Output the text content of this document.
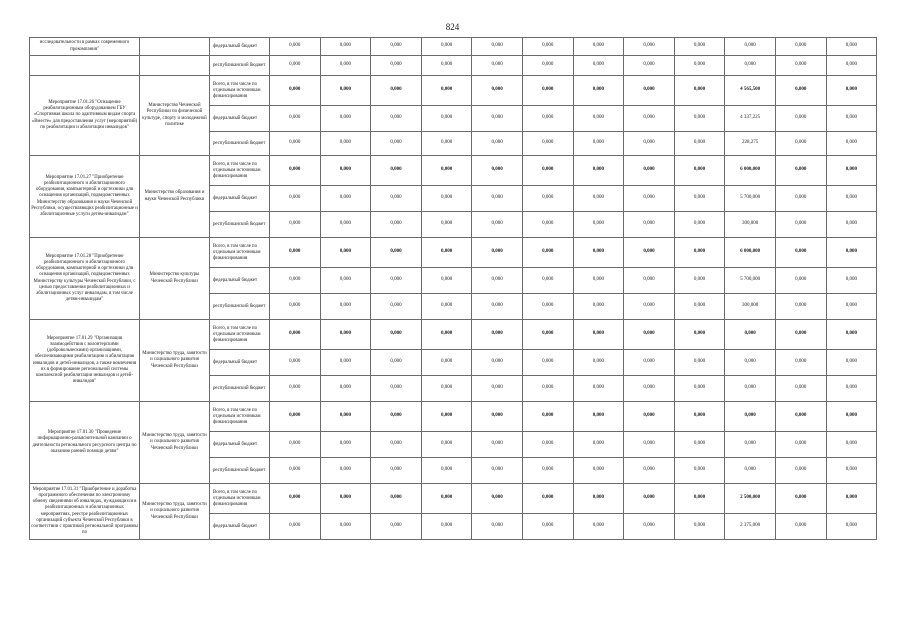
824
исследовательности в рамках соврeменного прокомпания"		федеральный бюджет	0,000	0,000	0,000	0,000	0,000	0,000	0,000	0,000	0,000	0,000	0,000	0,000
		республиканский бюджет	0,000	0,000	0,000	0,000	0,000	0,000	0,000	0,000	0,000	0,000	0,000	0,000
Мероприятие 17.01.26 "Оснащение реабилитационным оборудованием ГБУ «Спортивная школа по адаптивным видам спорта «Вместе» для предоставления услуг (мероприятий) по реабилитации и абилитации инвалидов"	Министерство Чеченской Республики по физической культуре, спорту и молодежной политике	Всего, в том числе по отдельным источникам финансирования	0,000	0,000	0,000	0,000	0,000	0,000	0,000	0,000	0,000	4 565,500	0,000	0,000
		федеральный бюджет	0,000	0,000	0,000	0,000	0,000	0,000	0,000	0,000	0,000	4 337,225	0,000	0,000
		республиканский бюджет	0,000	0,000	0,000	0,000	0,000	0,000	0,000	0,000	0,000	228,275	0,000	0,000
Мероприятие 17.01.27 "Приобретение реабилитационного и абилитационного оборудования, компьютерной и оргтехники для оснащения организаций, подведомственных Министерству образования и науки Чеченской Республики, осуществляющих реабилитационные и абилитационные услуги детям-инвалидам"	Министерство образования и науки Чеченской Республики	Всего, в том числе по отдельным источникам финансирования	0,000	0,000	0,000	0,000	0,000	0,000	0,000	0,000	0,000	6 000,000	0,000	0,000
		федеральный бюджет	0,000	0,000	0,000	0,000	0,000	0,000	0,000	0,000	0,000	5 700,000	0,000	0,000
		республиканский бюджет	0,000	0,000	0,000	0,000	0,000	0,000	0,000	0,000	0,000	300,000	0,000	0,000
Мероприятие 17.01.28 "Приобретение реабилитационного и абилитационного оборудования, компьютерной и оргтехники для оснащения организаций, подведомственных Министерству культуры Чеченской Республики, с целью предоставления реабилитационных и абилитационных услуг инвалидам, в том числе детям-инвалидам"	Министерство культуры Чеченской Республики	Всего, в том числе по отдельным источникам финансирования	0,000	0,000	0,000	0,000	0,000	0,000	0,000	0,000	0,000	6 000,000	0,000	0,000
		федеральный бюджет	0,000	0,000	0,000	0,000	0,000	0,000	0,000	0,000	0,000	5 700,000	0,000	0,000
		республиканский бюджет	0,000	0,000	0,000	0,000	0,000	0,000	0,000	0,000	0,000	300,000	0,000	0,000
Мероприятие 17.01.29 "Организация взаимодействия с волонтерскими (добровольческими) организациями, обеспечивающими реабилитацию и абилитацию инвалидов и детей-инвалидов, а также вовлечения их в формирование региональной системы комплексной реабилитации инвалидов и детей-инвалидов"	Министерство труда, занятости и социального развития Чеченской Республики	Всего, в том числе по отдельным источникам финансирования	0,000	0,000	0,000	0,000	0,000	0,000	0,000	0,000	0,000	0,000	0,000	0,000
		федеральный бюджет	0,000	0,000	0,000	0,000	0,000	0,000	0,000	0,000	0,000	0,000	0,000	0,000
		республиканский бюджет	0,000	0,000	0,000	0,000	0,000	0,000	0,000	0,000	0,000	0,000	0,000	0,000
Мероприятие 17.01.30 "Проведение информационно-разъяснительной кампании о деятельности регионального ресурсного центра по оказанию ранней помощи детям"	Министерство труда, занятости и социального развития Чеченской Республики	Всего, в том числе по отдельным источникам финансирования	0,000	0,000	0,000	0,000	0,000	0,000	0,000	0,000	0,000	0,000	0,000	0,000
		федеральный бюджет	0,000	0,000	0,000	0,000	0,000	0,000	0,000	0,000	0,000	0,000	0,000	0,000
		республиканский бюджет	0,000	0,000	0,000	0,000	0,000	0,000	0,000	0,000	0,000	0,000	0,000	0,000
Мероприятие 17.01.31 "Приобретение и доработка программного обеспечения по электронному обмену сведениями об инвалидах, нуждающихся в реабилитационных и абилитационных мероприятиях, реестре реабилитационных организаций субъекта Чеченской Республики в соответствии с практикой региональной программы по	Министерство труда, занятости и социального развития Чеченской Республики	Всего, в том числе по отдельным источникам финансирования	0,000	0,000	0,000	0,000	0,000	0,000	0,000	0,000	0,000	2 500,000	0,000	0,000
		федеральный бюджет	0,000	0,000	0,000	0,000	0,000	0,000	0,000	0,000	0,000	2 375,000	0,000	0,000
